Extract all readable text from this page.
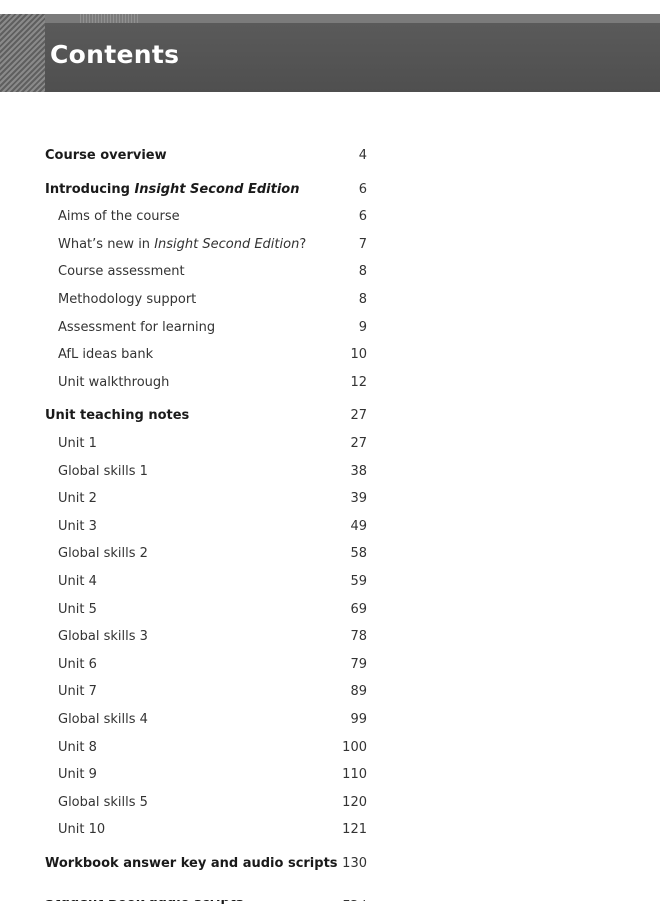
Contents
Course overview	4
Introducing Insight Second Edition	6
Aims of the course	6
What’s new in Insight Second Edition?	7
Course assessment	8
Methodology support	8
Assessment for learning	9
AfL ideas bank	10
Unit walkthrough	12
Unit teaching notes	27
Unit 1	27
Global skills 1	38
Unit 2	39
Unit 3	49
Global skills 2	58
Unit 4	59
Unit 5	69
Global skills 3	78
Unit 6	79
Unit 7	89
Global skills 4	99
Unit 8	100
Unit 9	110
Global skills 5	120
Unit 10	121
Workbook answer key and audio scripts 130
